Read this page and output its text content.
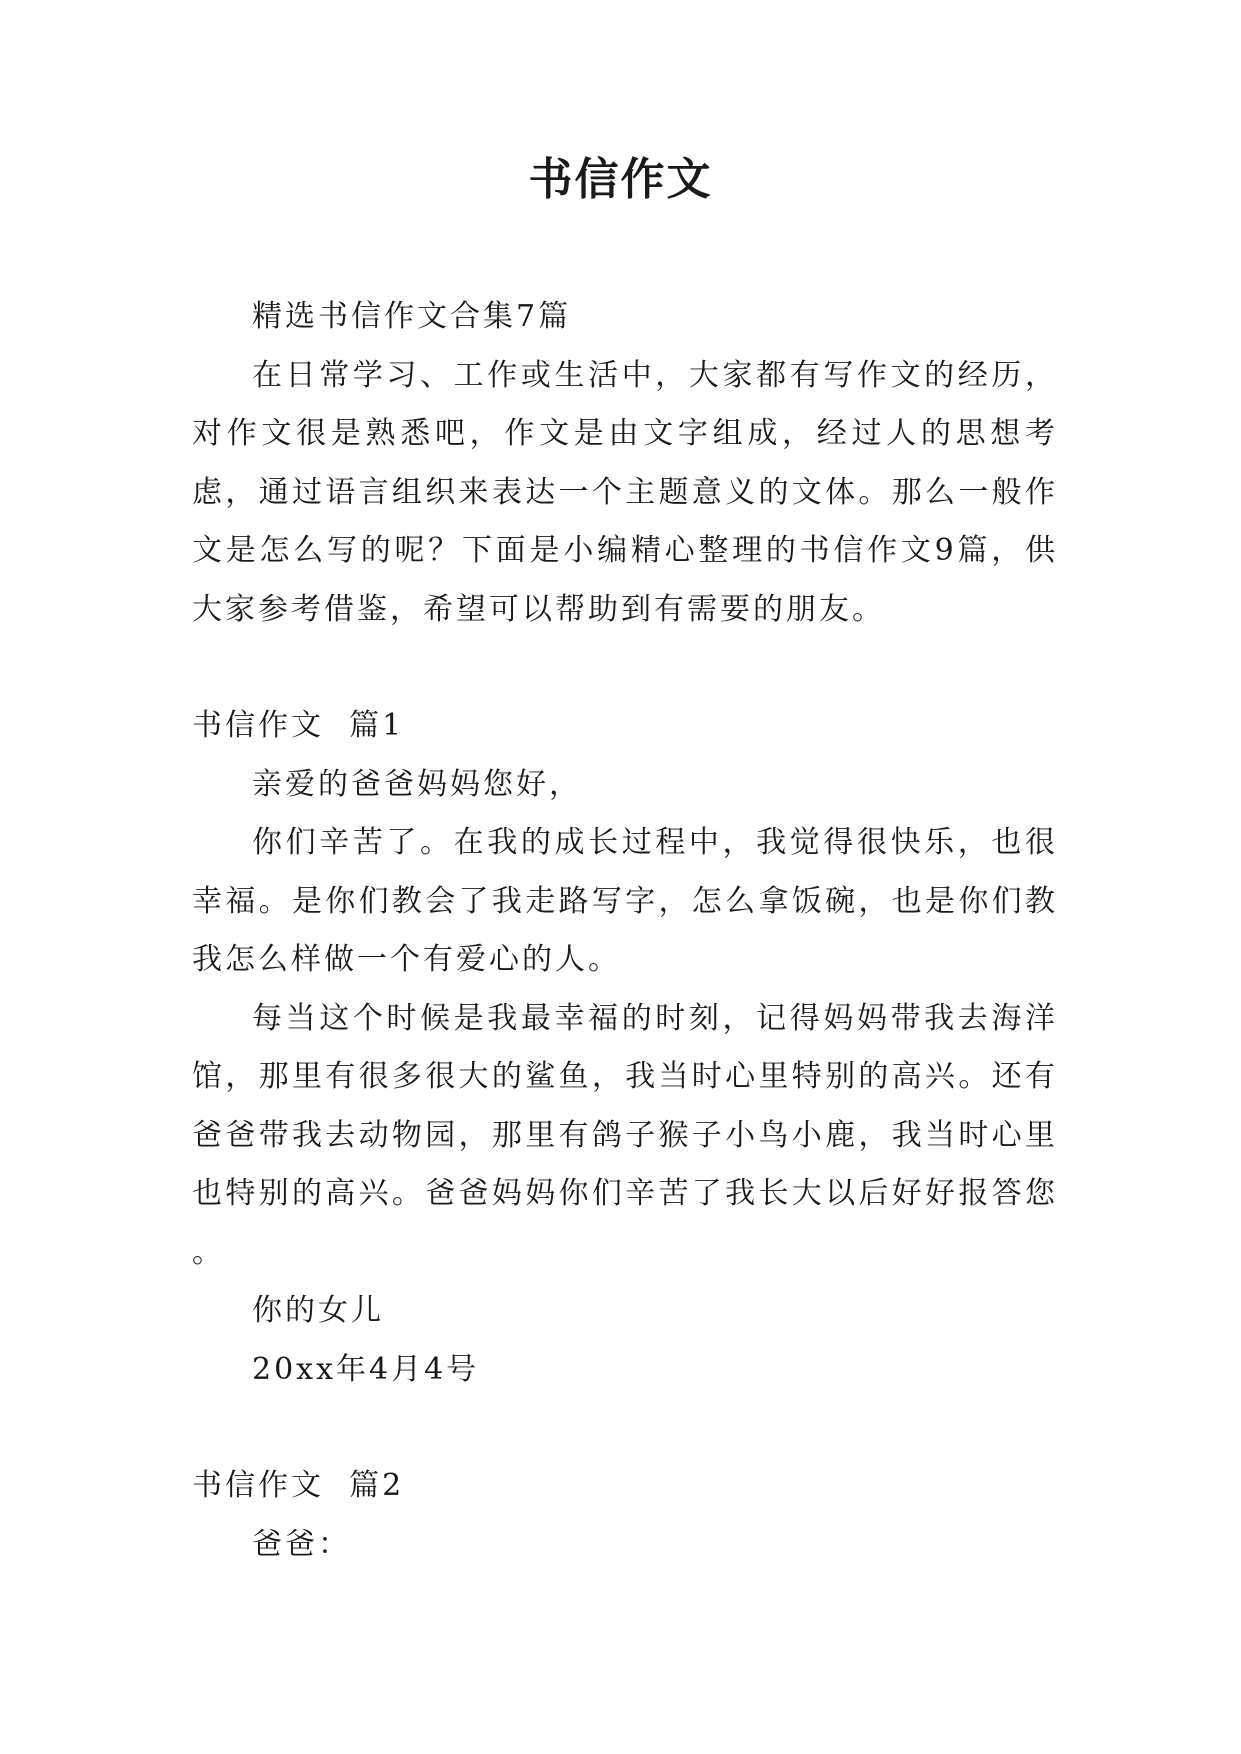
书信作文

精选书信作文合集7篇

在日常学习、工作或生活中，大家都有写作文的经历，对作文很是熟悉吧，作文是由文字组成，经过人的思想考虑，通过语言组织来表达一个主题意义的文体。那么一般作文是怎么写的呢？下面是小编精心整理的书信作文9篇，供大家参考借鉴，希望可以帮助到有需要的朋友。

书信作文  篇1

亲爱的爸爸妈妈您好，

你们辛苦了。在我的成长过程中，我觉得很快乐，也很幸福。是你们教会了我走路写字，怎么拿饭碗，也是你们教我怎么样做一个有爱心的人。

每当这个时候是我最幸福的时刻，记得妈妈带我去海洋馆，那里有很多很大的鲨鱼，我当时心里特别的高兴。还有爸爸带我去动物园，那里有鸽子猴子小鸟小鹿，我当时心里也特别的高兴。爸爸妈妈你们辛苦了我长大以后好好报答您 。

你的女儿

20xx年4月4号

书信作文  篇2

爸爸：
